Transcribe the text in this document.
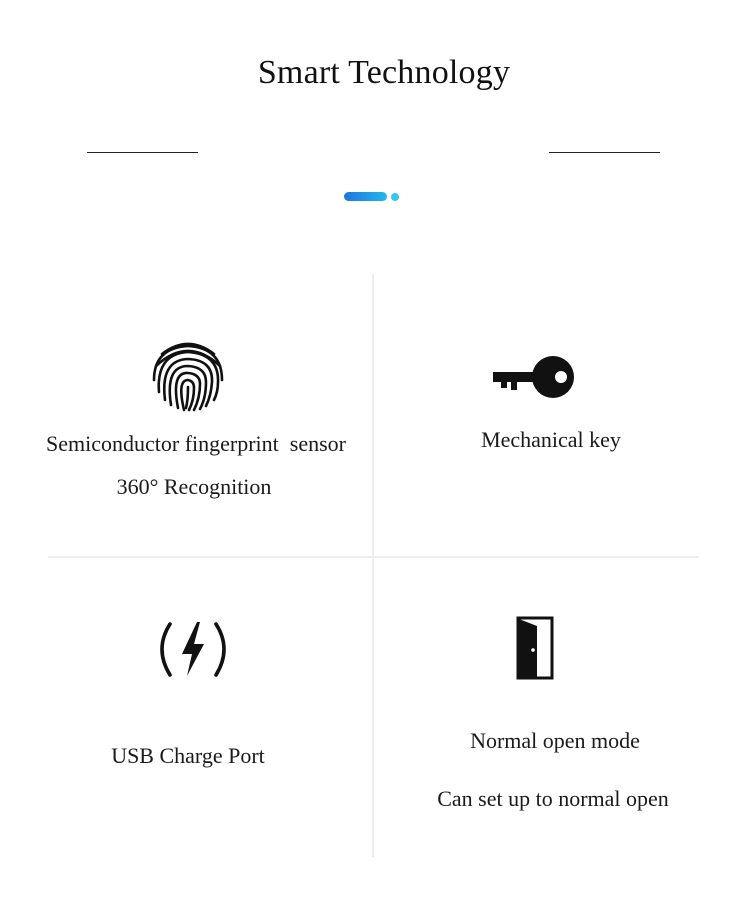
Smart Technology
Semiconductor fingerprint  sensor
360° Recognition
Mechanical key
USB Charge Port
Normal open mode
Can set up to normal open
